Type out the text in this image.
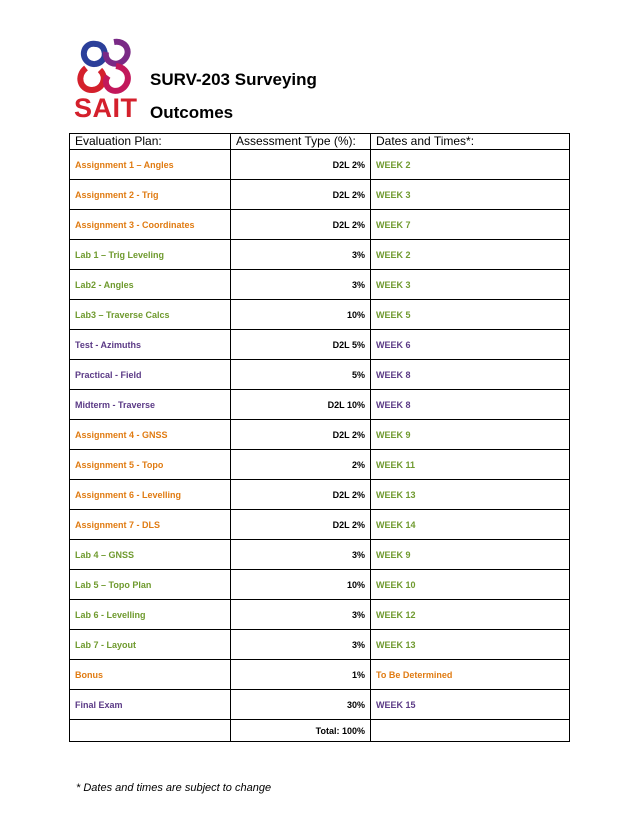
SAIT
SURV-203 Surveying
Outcomes
Evaluation Plan:	Assessment Type (%):	Dates and Times*:
Assignment 1 – Angles	D2L 2%	WEEK 2
Assignment 2 - Trig	D2L 2%	WEEK 3
Assignment 3 - Coordinates	D2L 2%	WEEK 7
Lab 1 – Trig Leveling	3%	WEEK 2
Lab2 - Angles	3%	WEEK 3
Lab3 – Traverse Calcs	10%	WEEK 5
Test - Azimuths	D2L 5%	WEEK 6
Practical - Field	5%	WEEK 8
Midterm - Traverse	D2L 10%	WEEK 8
Assignment 4 - GNSS	D2L 2%	WEEK 9
Assignment 5 - Topo	2%	WEEK 11
Assignment 6 - Levelling	D2L 2%	WEEK 13
Assignment 7 - DLS	D2L 2%	WEEK 14
Lab 4 – GNSS	3%	WEEK 9
Lab 5 – Topo Plan	10%	WEEK 10
Lab 6 - Levelling	3%	WEEK 12
Lab 7 - Layout	3%	WEEK 13
Bonus	1%	To Be Determined
Final Exam	30%	WEEK 15
	Total: 100%	
* Dates and times are subject to change
